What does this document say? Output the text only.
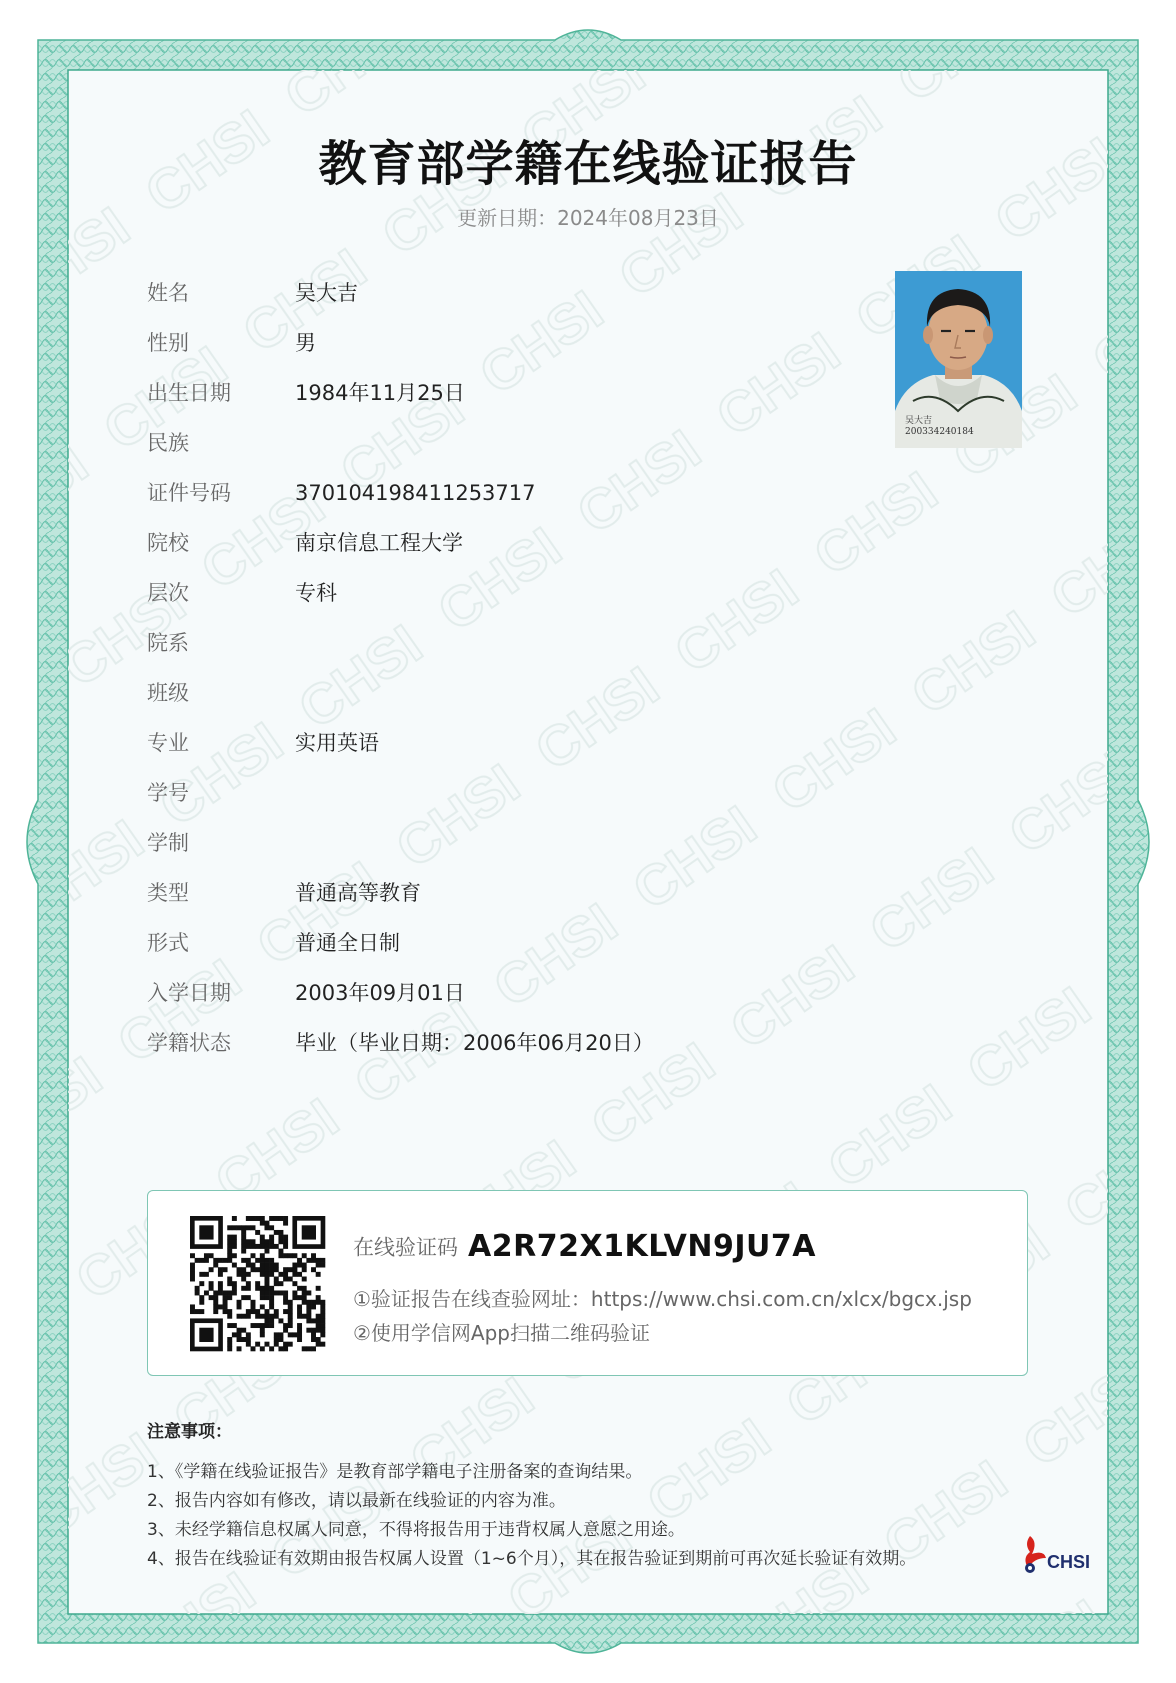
教育部学籍在线验证报告
更新日期：2024年08月23日
姓名	吴大吉
性别	男
出生日期	1984年11月25日
民族
证件号码	370104198411253717
院校	南京信息工程大学
层次	专科
院系
班级
专业	实用英语
学号
学制
类型	普通高等教育
形式	普通全日制
入学日期	2003年09月01日
学籍状态	毕业（毕业日期：2006年06月20日）
吴大吉
200334240184
在线验证码 A2R72X1KLVN9JU7A
①验证报告在线查验网址：https://www.chsi.com.cn/xlcx/bgcx.jsp
②使用学信网App扫描二维码验证
注意事项：
1、《学籍在线验证报告》是教育部学籍电子注册备案的查询结果。
2、报告内容如有修改，请以最新在线验证的内容为准。
3、未经学籍信息权属人同意，不得将报告用于违背权属人意愿之用途。
4、报告在线验证有效期由报告权属人设置（1~6个月），其在报告验证到期前可再次延长验证有效期。	CHSI
